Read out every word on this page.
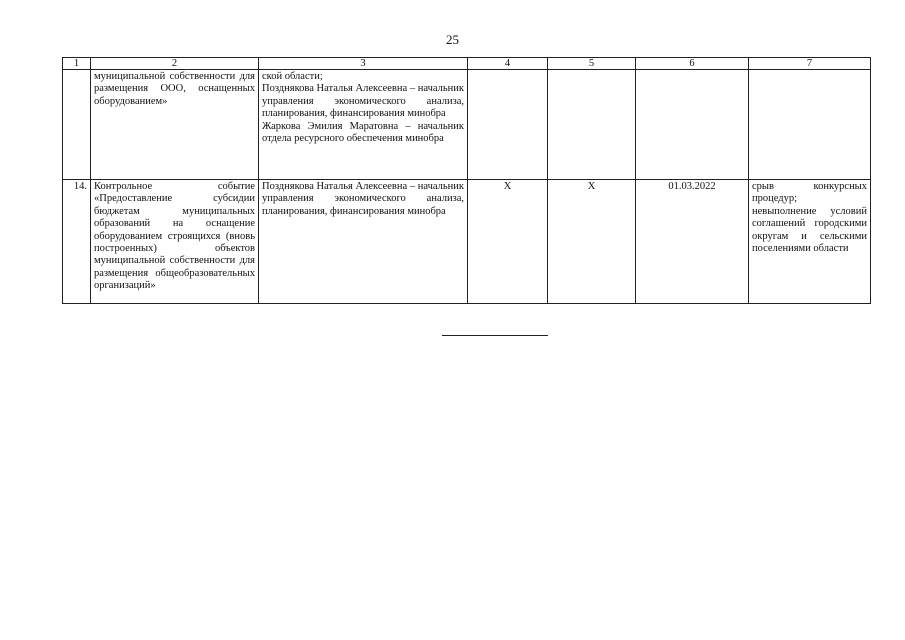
25
1	2	3	4	5	6	7
	муниципальной собственности для размещения ООО, оснащенных оборудованием»	ской области;
Позднякова Наталья Алексеевна – начальник управления экономического анализа, планирования, финансирования минобра
Жаркова Эмилия Маратовна – начальник отдела ресурсного обеспечения минобра				

14.	Контрольное событие «Предоставление субсидии бюджетам муниципальных образований на оснащение оборудованием строящихся (вновь построенных) объектов муниципальной собственности для размещения общеобразовательных организаций»	Позднякова Наталья Алексеевна – начальник управления экономического анализа, планирования, финансирования минобра	Х	Х	01.03.2022	срыв конкурсных процедур;
невыполнение условий соглашений городскими округам и сельскими поселениями области
